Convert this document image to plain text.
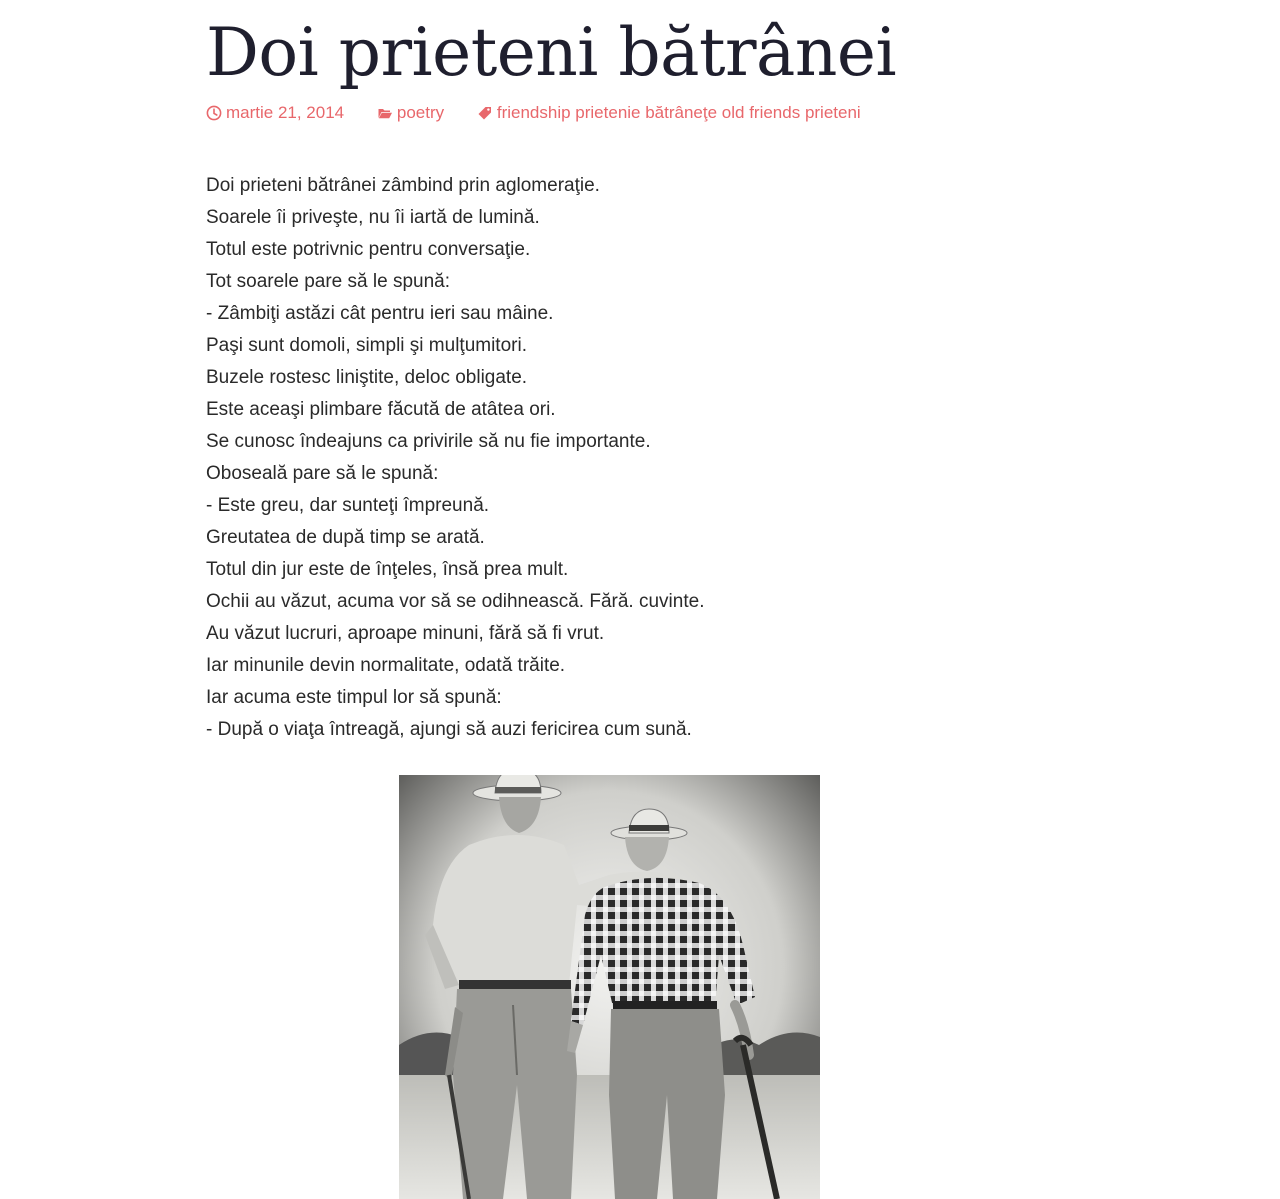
Doi prieteni bătrânei
martie 21, 2014
	poetry
	friendship prietenie bătrâneţe old friends prieteni
Doi prieteni bătrânei zâmbind prin aglomeraţie.
Soarele îi priveşte, nu îi iartă de lumină.
Totul este potrivnic pentru conversaţie.
Tot soarele pare să le spună:
- Zâmbiţi astăzi cât pentru ieri sau mâine.
Paşi sunt domoli, simpli şi mulţumitori.
Buzele rostesc liniştite, deloc obligate.
Este aceaşi plimbare făcută de atâtea ori.
Se cunosc îndeajuns ca privirile să nu fie importante.
Oboseală pare să le spună:
- Este greu, dar sunteţi împreună.
Greutatea de după timp se arată.
Totul din jur este de înţeles, însă prea mult.
Ochii au văzut, acuma vor să se odihnească. Fără. cuvinte.
Au văzut lucruri, aproape minuni, fără să fi vrut.
Iar minunile devin normalitate, odată trăite.
Iar acuma este timpul lor să spună:
- După o viaţa întreagă, ajungi să auzi fericirea cum sună.
